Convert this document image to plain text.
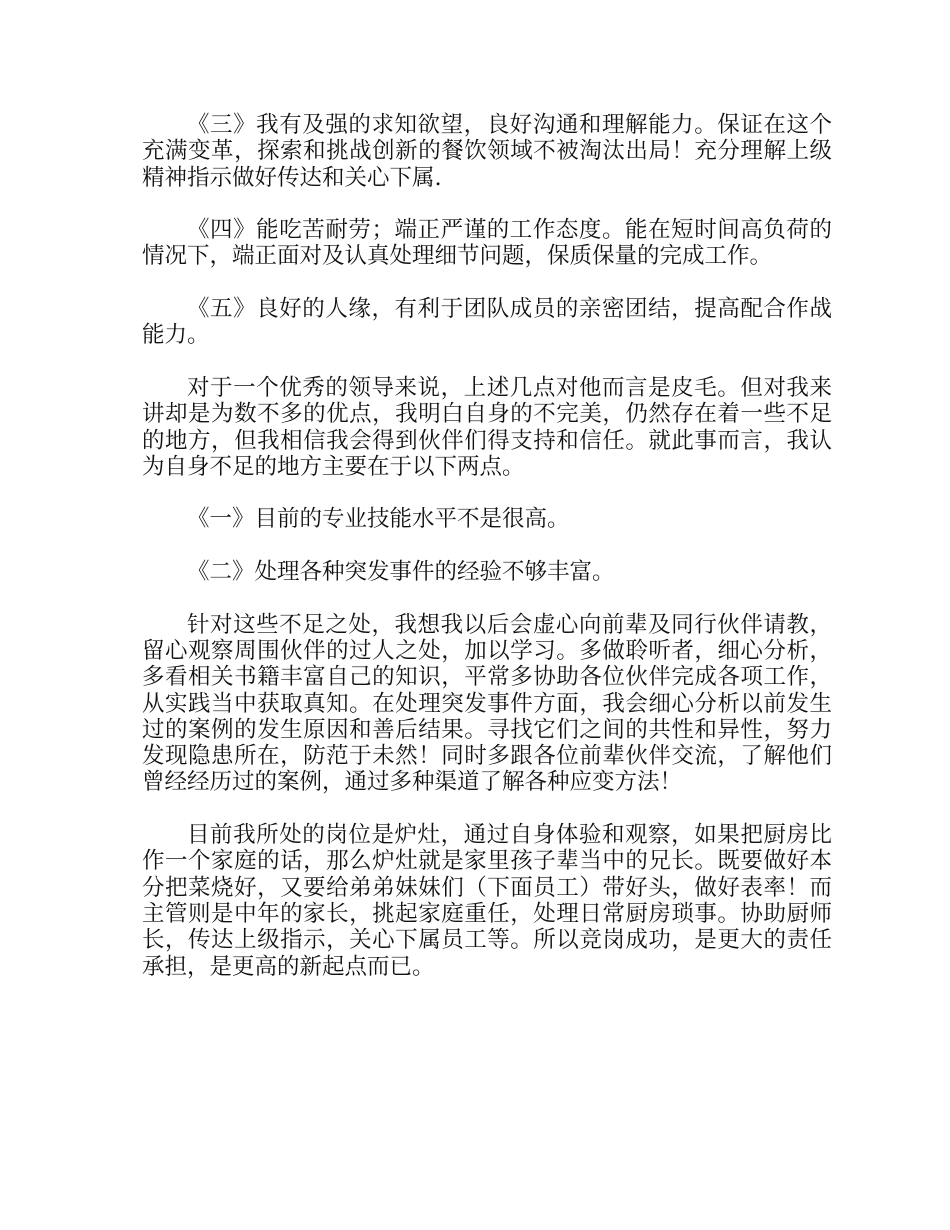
《三》我有及强的求知欲望，良好沟通和理解能力。保证在这个充满变革，探索和挑战创新的餐饮领域不被淘汰出局！充分理解上级精神指示做好传达和关心下属.

《四》能吃苦耐劳；端正严谨的工作态度。能在短时间高负荷的情况下，端正面对及认真处理细节问题，保质保量的完成工作。

《五》良好的人缘，有利于团队成员的亲密团结，提高配合作战能力。

对于一个优秀的领导来说，上述几点对他而言是皮毛。但对我来讲却是为数不多的优点，我明白自身的不完美，仍然存在着一些不足的地方，但我相信我会得到伙伴们得支持和信任。就此事而言，我认为自身不足的地方主要在于以下两点。

《一》目前的专业技能水平不是很高。

《二》处理各种突发事件的经验不够丰富。

针对这些不足之处，我想我以后会虚心向前辈及同行伙伴请教，留心观察周围伙伴的过人之处，加以学习。多做聆听者，细心分析，多看相关书籍丰富自己的知识，平常多协助各位伙伴完成各项工作，从实践当中获取真知。在处理突发事件方面，我会细心分析以前发生过的案例的发生原因和善后结果。寻找它们之间的共性和异性，努力发现隐患所在，防范于未然！同时多跟各位前辈伙伴交流，了解他们曾经经历过的案例，通过多种渠道了解各种应变方法！

目前我所处的岗位是炉灶，通过自身体验和观察，如果把厨房比作一个家庭的话，那么炉灶就是家里孩子辈当中的兄长。既要做好本分把菜烧好，又要给弟弟妹妹们（下面员工）带好头，做好表率！而主管则是中年的家长，挑起家庭重任，处理日常厨房琐事。协助厨师长，传达上级指示，关心下属员工等。所以竞岗成功，是更大的责任承担，是更高的新起点而已。
